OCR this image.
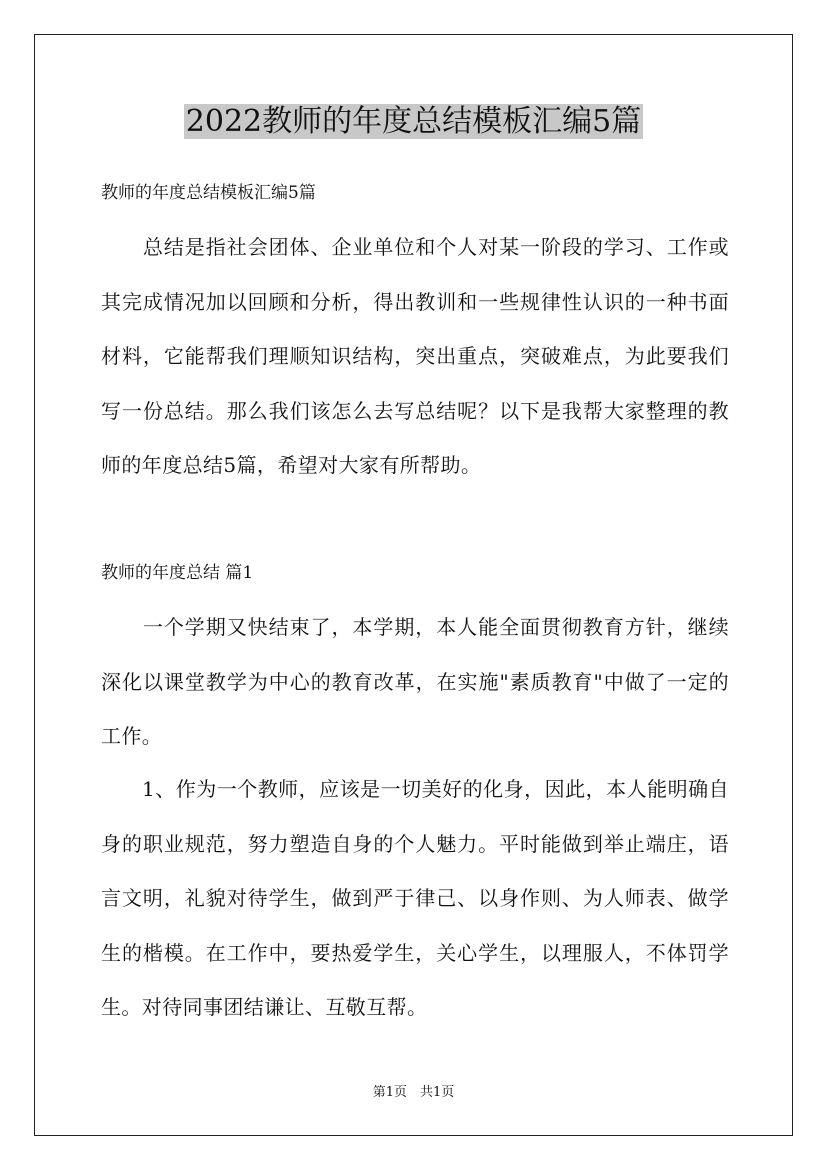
2022教师的年度总结模板汇编5篇
教师的年度总结模板汇编5篇
　　总结是指社会团体、企业单位和个人对某一阶段的学习、工作或
其完成情况加以回顾和分析，得出教训和一些规律性认识的一种书面
材料，它能帮我们理顺知识结构，突出重点，突破难点，为此要我们
写一份总结。那么我们该怎么去写总结呢？以下是我帮大家整理的教
师的年度总结5篇，希望对大家有所帮助。
教师的年度总结 篇1
　　一个学期又快结束了，本学期，本人能全面贯彻教育方针，继续
深化以课堂教学为中心的教育改革，在实施"素质教育"中做了一定的
工作。
　　1、作为一个教师，应该是一切美好的化身，因此，本人能明确自
身的职业规范，努力塑造自身的个人魅力。平时能做到举止端庄，语
言文明，礼貌对待学生，做到严于律己、以身作则、为人师表、做学
生的楷模。在工作中，要热爱学生，关心学生，以理服人，不体罚学
生。对待同事团结谦让、互敬互帮。
第1页　共1页
